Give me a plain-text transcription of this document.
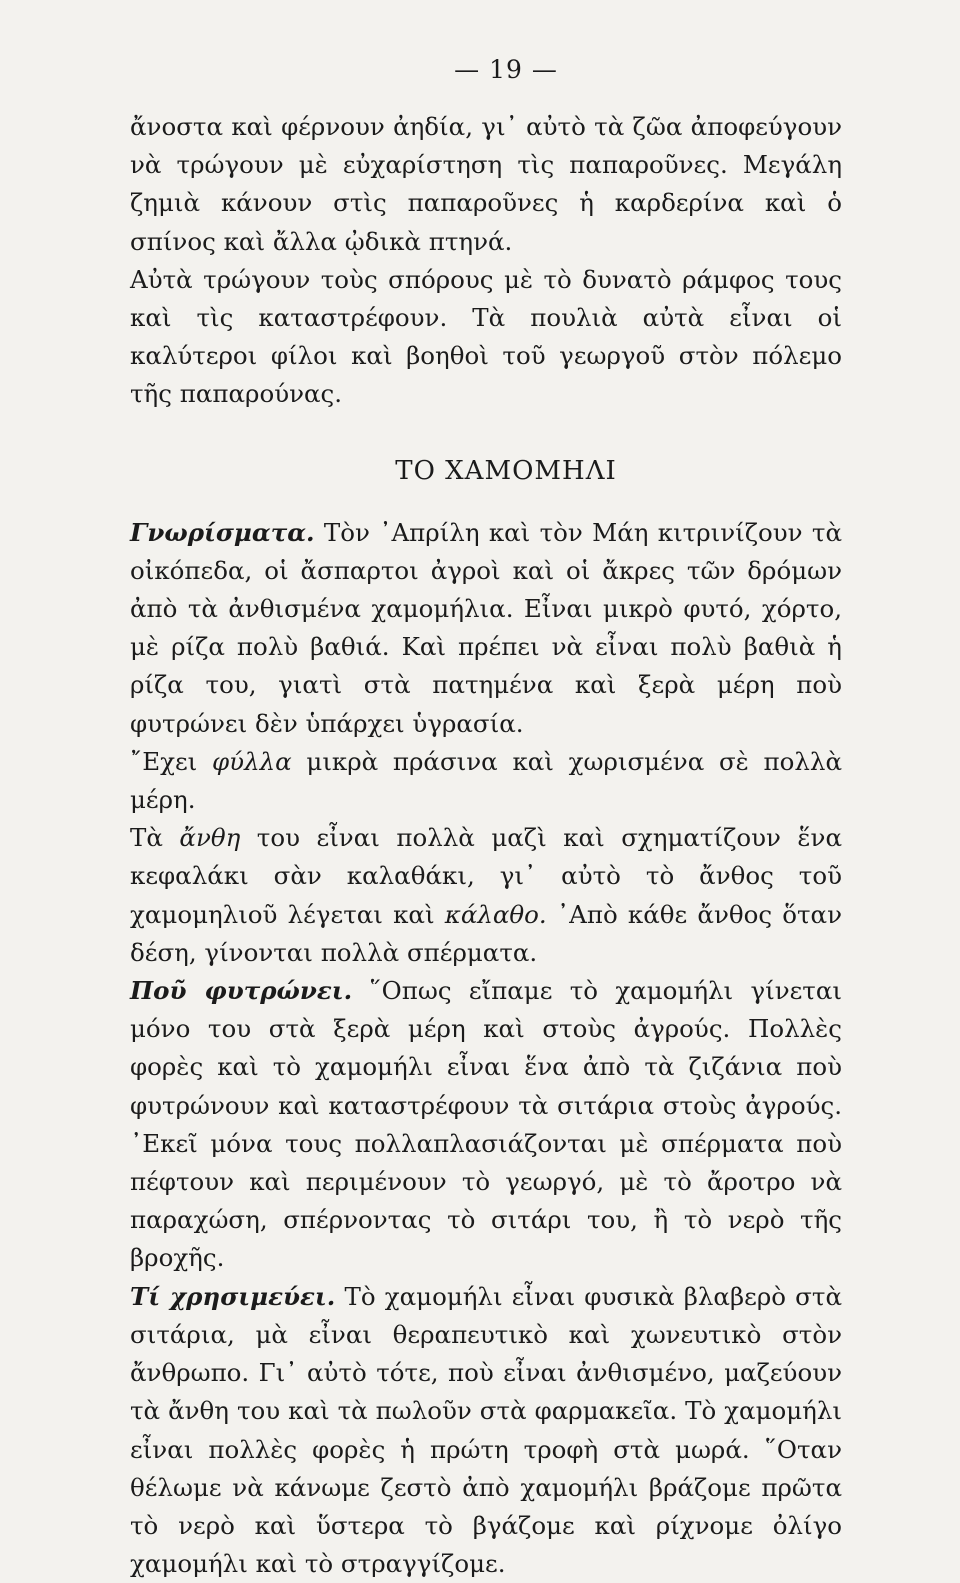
— 19 —

ἄνοστα καὶ φέρνουν ἀηδία, γι᾿ αὐτὸ τὰ ζῶα ἀποφεύγουν νὰ τρώγουν μὲ εὐχαρίστηση τὶς παπαροῦνες. Μεγάλη ζημιὰ κάνουν στὶς παπαροῦνες ἡ καρδερίνα καὶ ὁ σπίνος καὶ ἄλλα ᾠδικὰ πτηνά.

Αὐτὰ τρώγουν τοὺς σπόρους μὲ τὸ δυνατὸ ράμφος τους καὶ τὶς καταστρέφουν. Τὰ πουλιὰ αὐτὰ εἶναι οἱ καλύτεροι φίλοι καὶ βοηθοὶ τοῦ γεωργοῦ στὸν πόλεμο τῆς παπαρούνας.

ΤΟ ΧΑΜΟΜΗΛΙ

Γνωρίσματα. Τὸν ᾿Απρίλη καὶ τὸν Μάη κιτρινίζουν τὰ οἰκόπεδα, οἱ ἄσπαρτοι ἀγροὶ καὶ οἱ ἄκρες τῶν δρόμων ἀπὸ τὰ ἀνθισμένα χαμομήλια. Εἶναι μικρὸ φυτό, χόρτο, μὲ ρίζα πολὺ βαθιά. Καὶ πρέπει νὰ εἶναι πολὺ βαθιὰ ἡ ρίζα του, γιατὶ στὰ πατημένα καὶ ξερὰ μέρη ποὺ φυτρώνει δὲν ὑπάρχει ὑγρασία.

῎Εχει φύλλα μικρὰ πράσινα καὶ χωρισμένα σὲ πολλὰ μέρη.

Τὰ ἄνθη του εἶναι πολλὰ μαζὶ καὶ σχηματίζουν ἕνα κεφαλάκι σὰν καλαθάκι, γι᾿ αὐτὸ τὸ ἄνθος τοῦ χαμομηλιοῦ λέγεται καὶ κάλαθο. ᾿Απὸ κάθε ἄνθος ὅταν δέση, γίνονται πολλὰ σπέρματα.

Ποῦ φυτρώνει. ῞Οπως εἴπαμε τὸ χαμομήλι γίνεται μόνο του στὰ ξερὰ μέρη καὶ στοὺς ἀγρούς. Πολλὲς φορὲς καὶ τὸ χαμομήλι εἶναι ἕνα ἀπὸ τὰ ζιζάνια ποὺ φυτρώνουν καὶ καταστρέφουν τὰ σιτάρια στοὺς ἀγρούς. ᾿Εκεῖ μόνα τους πολλαπλασιάζονται μὲ σπέρματα ποὺ πέφτουν καὶ περιμένουν τὸ γεωργό, μὲ τὸ ἄροτρο νὰ παραχώση, σπέρνοντας τὸ σιτάρι του, ἢ τὸ νερὸ τῆς βροχῆς.

Τί χρησιμεύει. Τὸ χαμομήλι εἶναι φυσικὰ βλαβερὸ στὰ σιτάρια, μὰ εἶναι θεραπευτικὸ καὶ χωνευτικὸ στὸν ἄνθρωπο. Γι᾿ αὐτὸ τότε, ποὺ εἶναι ἀνθισμένο, μαζεύουν τὰ ἄνθη του καὶ τὰ πωλοῦν στὰ φαρμακεῖα. Τὸ χαμομήλι εἶναι πολλὲς φορὲς ἡ πρώτη τροφὴ στὰ μωρά. ῞Οταν θέλωμε νὰ κάνωμε ζεστὸ ἀπὸ χαμομήλι βράζομε πρῶτα τὸ νερὸ καὶ ὕστερα τὸ βγάζομε καὶ ρίχνομε ὀλίγο χαμομήλι καὶ τὸ στραγγίζομε.
